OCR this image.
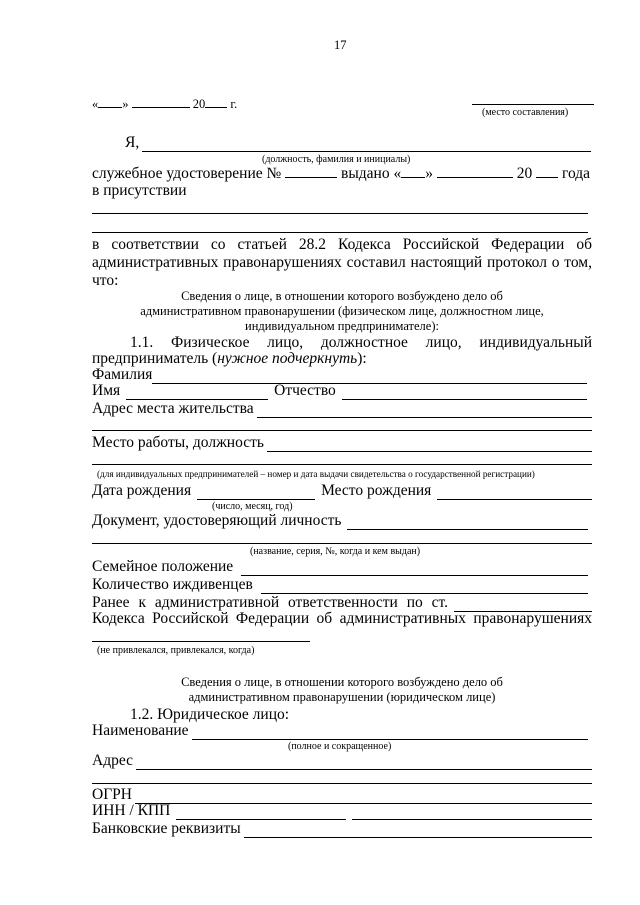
17
« »	20 г.
(место составления)
Я,
(должность, фамилия и инициалы)
служебное удостоверение №	выдано « »	20 года
в присутствии
в соответствии со статьей 28.2 Кодекса Российской Федерации об административных правонарушениях составил настоящий протокол о том,
что:
Сведения о лице, в отношении которого возбуждено дело об
административном правонарушении (физическом лице, должностном лице,
индивидуальном предпринимателе):
1.1. Физическое лицо, должностное лицо, индивидуальный
предприниматель (нужное подчеркнуть):
Фамилия
Имя	Отчество
Адрес места жительства
Место работы, должность
(для индивидуальных предпринимателей – номер и дата выдачи свидетельства о государственной регистрации)
Дата рождения	Место рождения
(число, месяц, год)
Документ, удостоверяющий личность
(название, серия, №, когда и кем выдан)
Семейное положение
Количество иждивенцев
Ранее к административной ответственности по ст.
Кодекса Российской Федерации об административных правонарушениях
(не привлекался, привлекался, когда)
Сведения о лице, в отношении которого возбуждено дело об
административном правонарушении (юридическом лице)
1.2. Юридическое лицо:
Наименование
(полное и сокращенное)
Адрес
ОГРН
ИНН / КПП
Банковские реквизиты
